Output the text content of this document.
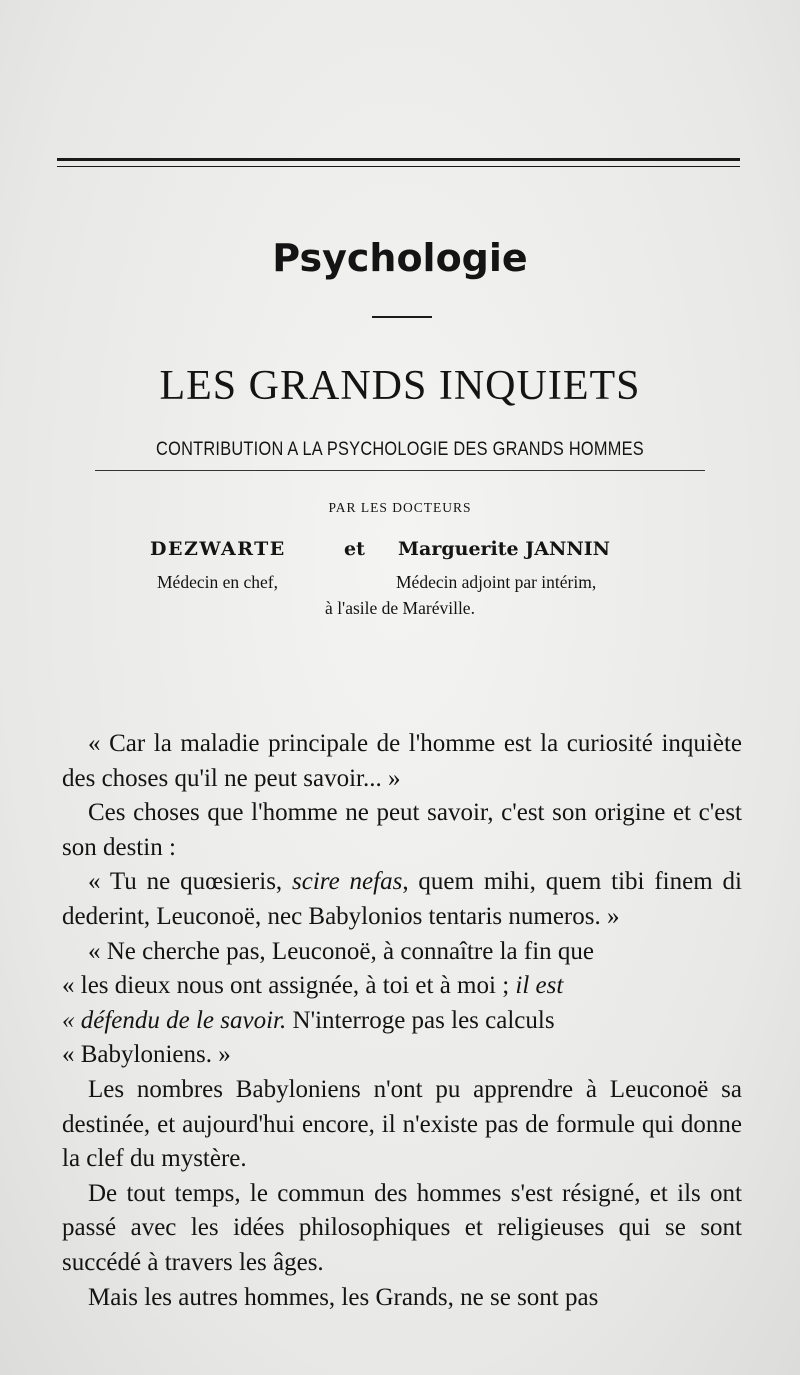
Psychologie
LES GRANDS INQUIETS
CONTRIBUTION A LA PSYCHOLOGIE DES GRANDS HOMMES
PAR LES DOCTEURS
DEZWARTE	et Marguerite JANNIN
Médecin en chef,	Médecin adjoint par intérim,
à l'asile de Maréville.

« Car la maladie principale de l'homme est la curiosité inquiète des choses qu'il ne peut savoir... »

Ces choses que l'homme ne peut savoir, c'est son origine et c'est son destin :

« Tu ne quœsieris, scire nefas, quem mihi, quem tibi finem di dederint, Leuconoë, nec Babylonios tentaris numeros. »

« Ne cherche pas, Leuconoë, à connaître la fin que

« les dieux nous ont assignée, à toi et à moi ; il est

« défendu de le savoir. N'interroge pas les calculs

« Babyloniens. »

Les nombres Babyloniens n'ont pu apprendre à Leuconoë sa destinée, et aujourd'hui encore, il n'existe pas de formule qui donne la clef du mystère.

De tout temps, le commun des hommes s'est résigné, et ils ont passé avec les idées philosophiques et religieuses qui se sont succédé à travers les âges.

Mais les autres hommes, les Grands, ne se sont pas
